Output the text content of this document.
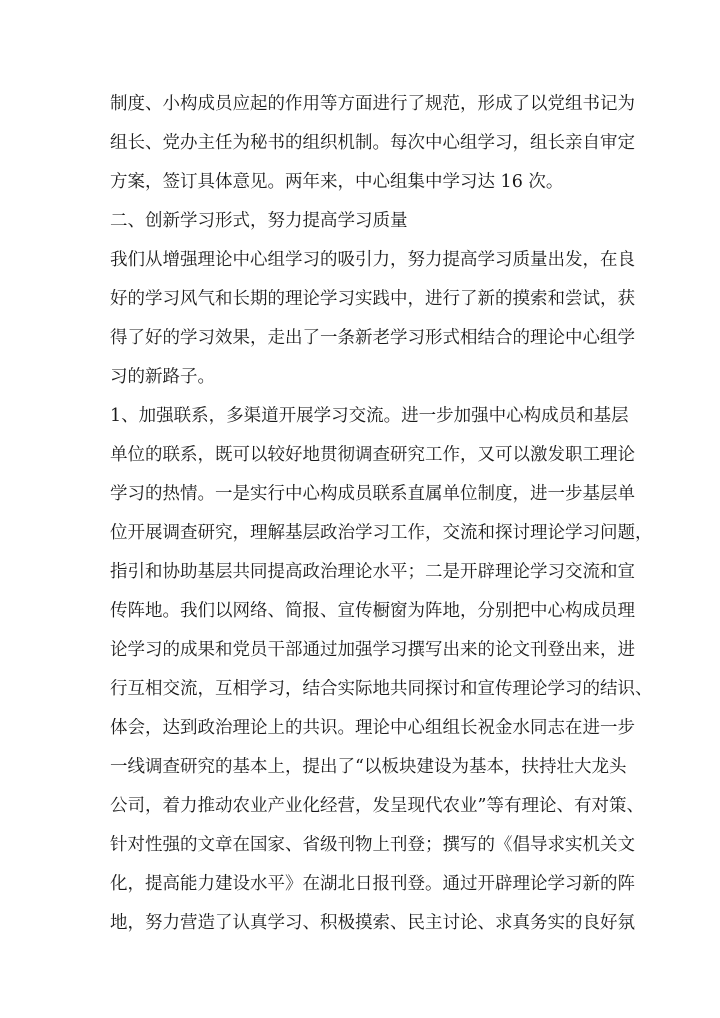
制度、小构成员应起的作用等方面进行了规范，形成了以党组书记为
组长、党办主任为秘书的组织机制。每次中心组学习，组长亲自审定
方案，签订具体意见。两年来，中心组集中学习达 16 次。
二、创新学习形式，努力提高学习质量
我们从增强理论中心组学习的吸引力，努力提高学习质量出发，在良
好的学习风气和长期的理论学习实践中，进行了新的摸索和尝试，获
得了好的学习效果，走出了一条新老学习形式相结合的理论中心组学
习的新路子。
1、加强联系，多渠道开展学习交流。进一步加强中心构成员和基层
单位的联系，既可以较好地贯彻调查研究工作，又可以激发职工理论
学习的热情。一是实行中心构成员联系直属单位制度，进一步基层单
位开展调查研究，理解基层政治学习工作，交流和探讨理论学习问题，
指引和协助基层共同提高政治理论水平；二是开辟理论学习交流和宣
传阵地。我们以网络、简报、宣传橱窗为阵地，分别把中心构成员理
论学习的成果和党员干部通过加强学习撰写出来的论文刊登出来，进
行互相交流，互相学习，结合实际地共同探讨和宣传理论学习的结识、
体会，达到政治理论上的共识。理论中心组组长祝金水同志在进一步
一线调查研究的基本上，提出了“以板块建设为基本，扶持壮大龙头
公司，着力推动农业产业化经营，发呈现代农业”等有理论、有对策、
针对性强的文章在国家、省级刊物上刊登；撰写的《倡导求实机关文
化，提高能力建设水平》在湖北日报刊登。通过开辟理论学习新的阵
地，努力营造了认真学习、积极摸索、民主讨论、求真务实的良好氛
